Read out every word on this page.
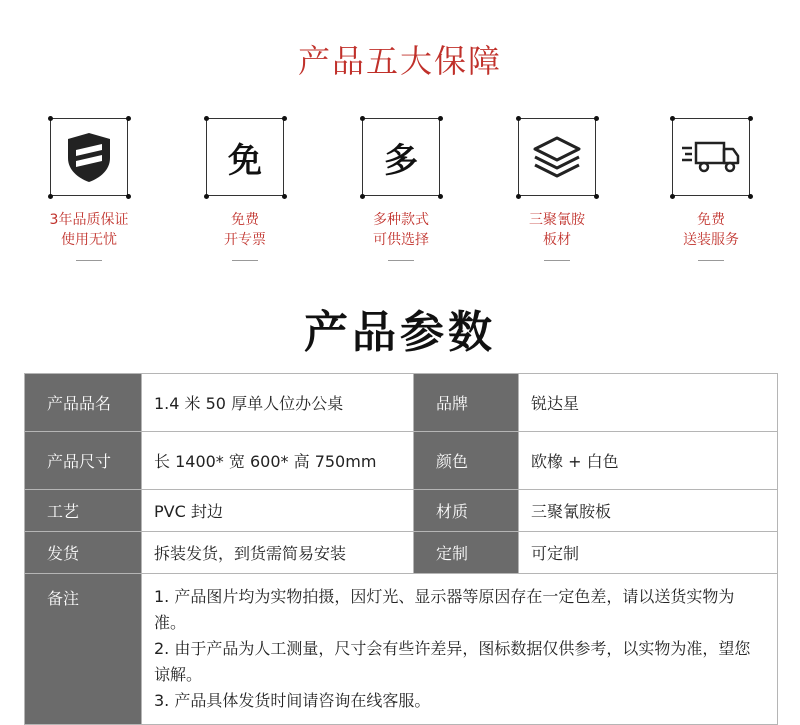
产品五大保障
3年品质保证
使用无忧
免
免费
开专票
多
多种款式
可供选择
三聚氰胺
板材
免费
送装服务
产品参数
产品品名	1.4 米 50 厚单人位办公桌	品牌	锐达星
产品尺寸	长 1400* 宽 600* 高 750mm	颜色	欧橡 + 白色
工艺	PVC 封边	材质	三聚氰胺板
发货	拆装发货，到货需简易安装	定制	可定制
备注	1. 产品图片均为实物拍摄，因灯光、显示器等原因存在一定色差，请以送货实物为准。
2. 由于产品为人工测量，尺寸会有些许差异，图标数据仅供参考，以实物为准，望您谅解。
3. 产品具体发货时间请咨询在线客服。		
